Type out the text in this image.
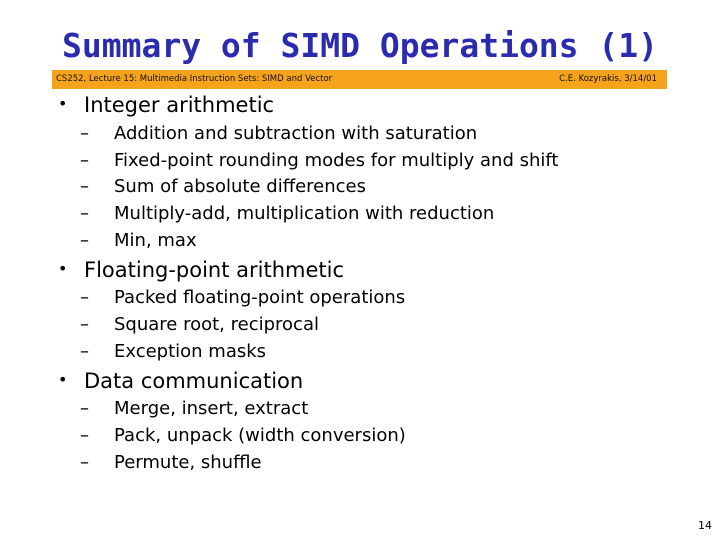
Summary of SIMD Operations (1)
CS252, Lecture 15: Multimedia Instruction Sets: SIMD and Vector	C.E. Kozyrakis, 3/14/01
• Integer arithmetic
– Addition and subtraction with saturation
– Fixed-point rounding modes for multiply and shift
– Sum of absolute differences
– Multiply-add, multiplication with reduction
– Min, max
• Floating-point arithmetic
– Packed floating-point operations
– Square root, reciprocal
– Exception masks
• Data communication
– Merge, insert, extract
– Pack, unpack (width conversion)
– Permute, shuffle
14
